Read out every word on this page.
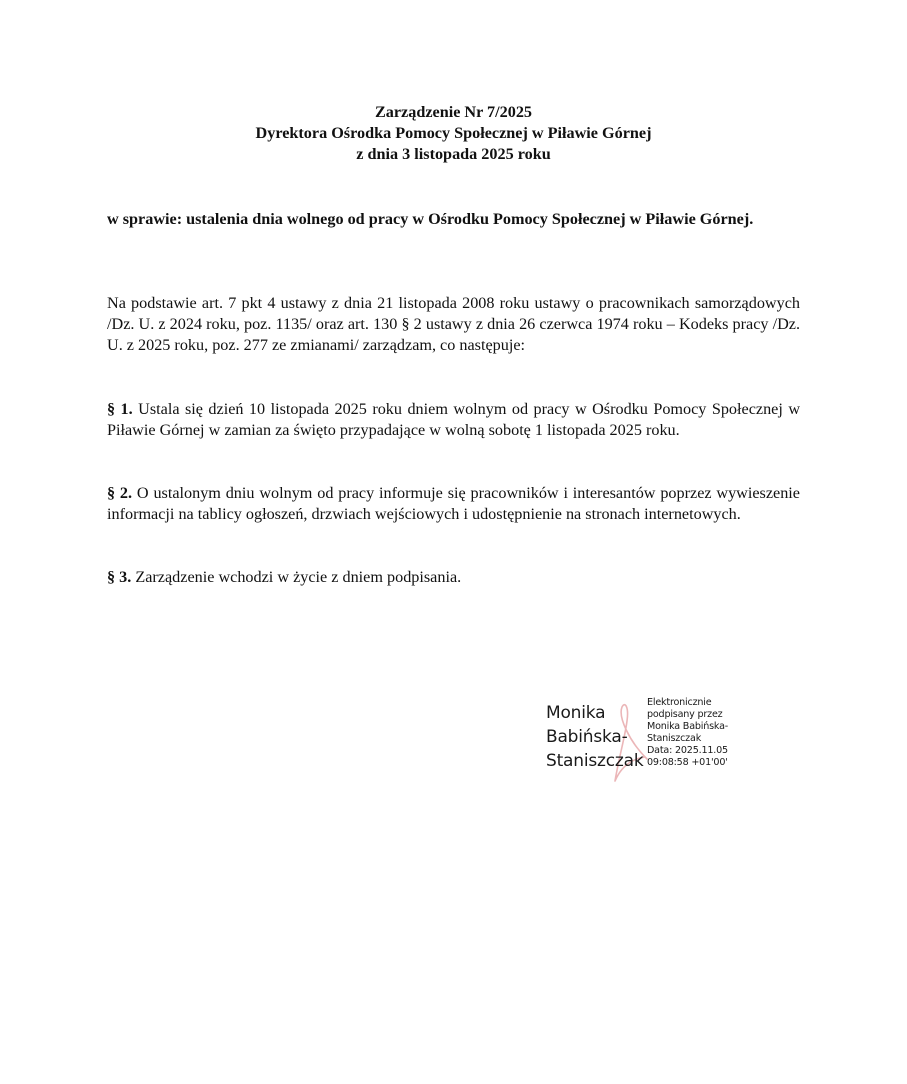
Zarządzenie Nr 7/2025
Dyrektora Ośrodka Pomocy Społecznej w Piławie Górnej
z dnia 3 listopada 2025 roku
w sprawie: ustalenia dnia wolnego od pracy w Ośrodku Pomocy Społecznej w Piławie Górnej.
Na podstawie art. 7 pkt 4 ustawy z dnia 21 listopada 2008 roku ustawy o pracownikach samorządowych /Dz. U. z 2024 roku, poz. 1135/ oraz art. 130 § 2 ustawy z dnia 26 czerwca 1974 roku – Kodeks pracy /Dz. U. z 2025 roku, poz. 277 ze zmianami/ zarządzam, co następuje:
§ 1. Ustala się dzień 10 listopada 2025 roku dniem wolnym od pracy w Ośrodku Pomocy Społecznej w Piławie Górnej w zamian za święto przypadające w wolną sobotę 1 listopada 2025 roku.
§ 2. O ustalonym dniu wolnym od pracy informuje się pracowników i interesantów poprzez wywieszenie informacji na tablicy ogłoszeń, drzwiach wejściowych i udostępnienie na stronach internetowych.
§ 3. Zarządzenie wchodzi w życie z dniem podpisania.
Monika
Babińska-
Staniszczak
Elektronicznie
podpisany przez
Monika Babińska-
Staniszczak
Data: 2025.11.05
09:08:58 +01'00'
